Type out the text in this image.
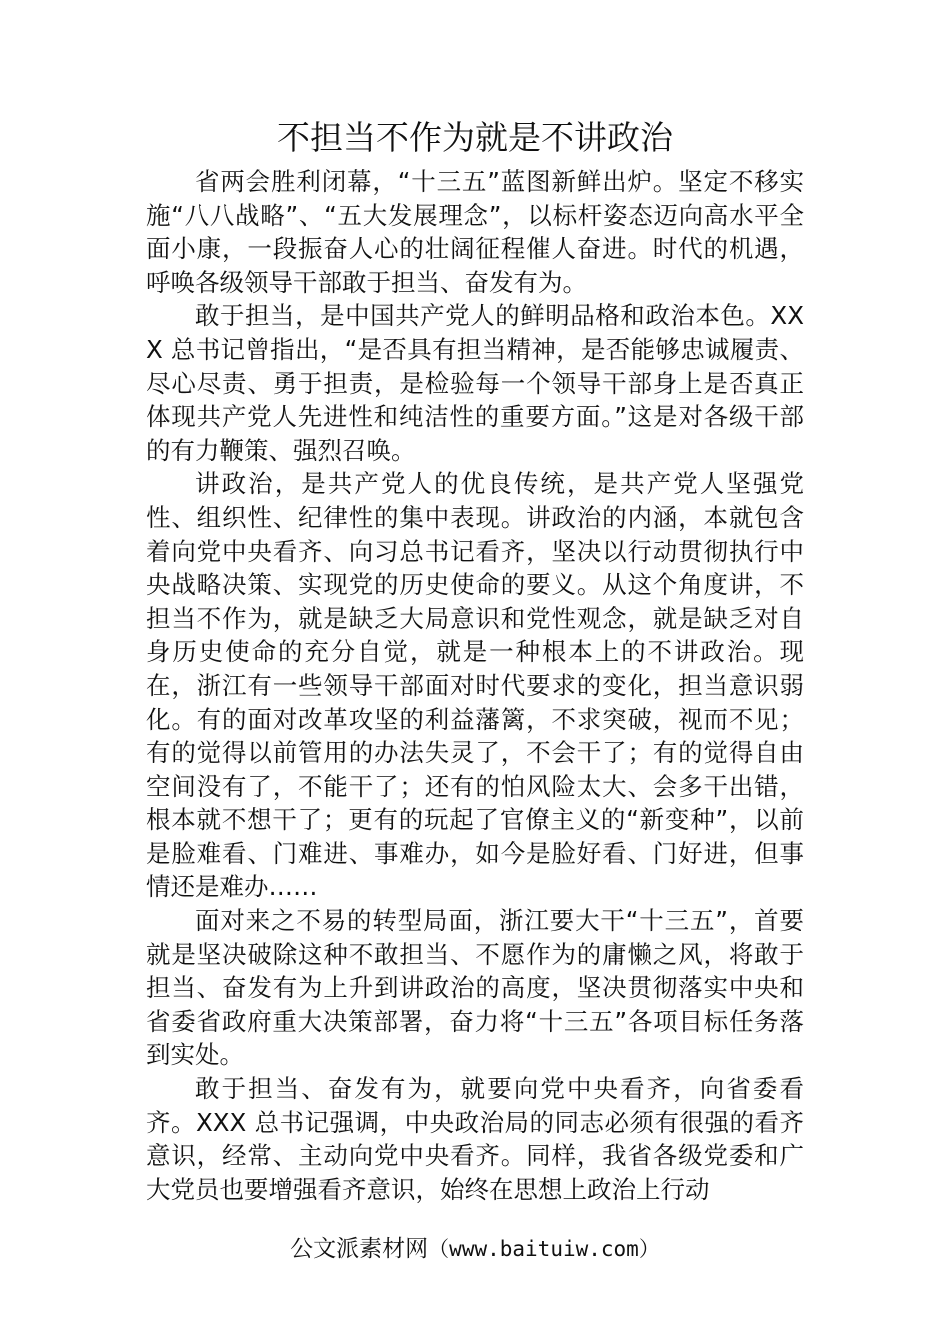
不担当不作为就是不讲政治

省两会胜利闭幕，“十三五”蓝图新鲜出炉。坚定不移实施“八八战略”、“五大发展理念”，以标杆姿态迈向高水平全面小康，一段振奋人心的壮阔征程催人奋进。时代的机遇，呼唤各级领导干部敢于担当、奋发有为。

敢于担当，是中国共产党人的鲜明品格和政治本色。XXX 总书记曾指出，“是否具有担当精神，是否能够忠诚履责、尽心尽责、勇于担责，是检验每一个领导干部身上是否真正体现共产党人先进性和纯洁性的重要方面。”这是对各级干部的有力鞭策、强烈召唤。

讲政治，是共产党人的优良传统，是共产党人坚强党性、组织性、纪律性的集中表现。讲政治的内涵，本就包含着向党中央看齐、向习总书记看齐，坚决以行动贯彻执行中央战略决策、实现党的历史使命的要义。从这个角度讲，不担当不作为，就是缺乏大局意识和党性观念，就是缺乏对自身历史使命的充分自觉，就是一种根本上的不讲政治。现在，浙江有一些领导干部面对时代要求的变化，担当意识弱化。有的面对改革攻坚的利益藩篱，不求突破，视而不见；有的觉得以前管用的办法失灵了，不会干了；有的觉得自由空间没有了，不能干了；还有的怕风险太大、会多干出错，根本就不想干了；更有的玩起了官僚主义的“新变种”，以前是脸难看、门难进、事难办，如今是脸好看、门好进，但事情还是难办……

面对来之不易的转型局面，浙江要大干“十三五”，首要就是坚决破除这种不敢担当、不愿作为的庸懒之风，将敢于担当、奋发有为上升到讲政治的高度，坚决贯彻落实中央和省委省政府重大决策部署，奋力将“十三五”各项目标任务落到实处。

敢于担当、奋发有为，就要向党中央看齐，向省委看齐。XXX 总书记强调，中央政治局的同志必须有很强的看齐意识，经常、主动向党中央看齐。同样，我省各级党委和广大党员也要增强看齐意识，始终在思想上政治上行动

公文派素材网（www.baituiw.com）
